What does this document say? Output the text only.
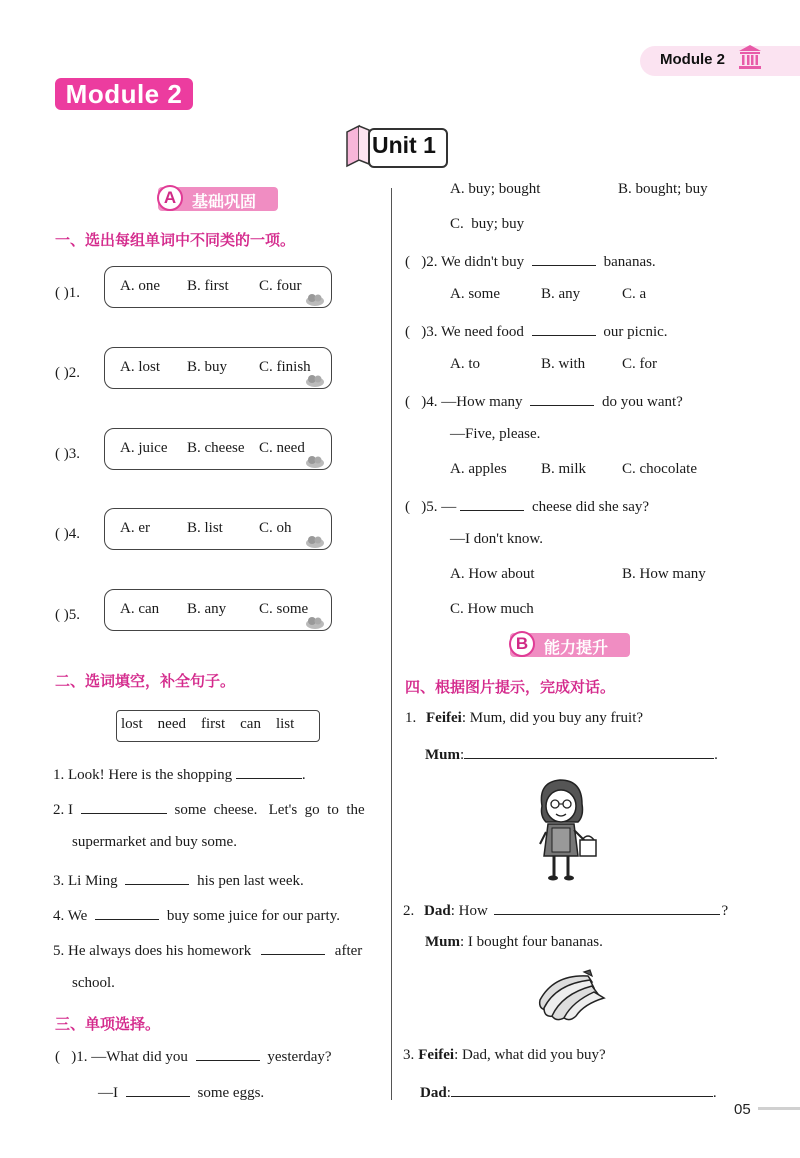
Module 2
Module 2
Unit 1
A 基础巩固
一、选出每组单词中不同类的一项。
( )1.	A. one B. first C. four
( )2.	A. lost B. buy C. finish
( )3.	A. juice B. cheese C. need
( )4.	A. er B. list C. oh
( )5.	A. can B. any C. some
二、选词填空，补全句子。
lost    need    first    can    list
1. Look! Here is the shopping	.
2. I	some  cheese.   Let's  go  to  the
supermarket and buy some.
3. Li Ming	his pen last week.
4. We	buy some juice for our party.
5. He always does his homework	after
school.
三、单项选择。
(   )1. —What did you	yesterday?
—I	some eggs.
A. buy; bought	B. bought; buy
C.  buy; buy
(   )2. We didn't buy	bananas.
A. some	B. any	C. a
(   )3. We need food	our picnic.
A. to	B. with C. for
(   )4. —How many	do you want?
—Five, please.
A. apples B. milk C. chocolate
(   )5. —	cheese did she say?
—I don't know.
A. How about	B. How many
C. How much
B 能力提升
四、根据图片提示，完成对话。
1. Feifei: Mum, did you buy any fruit?
Mum:	.
2. Dad: How	?
Mum: I bought four bananas.
3. Feifei: Dad, what did you buy?
Dad:	.
05
